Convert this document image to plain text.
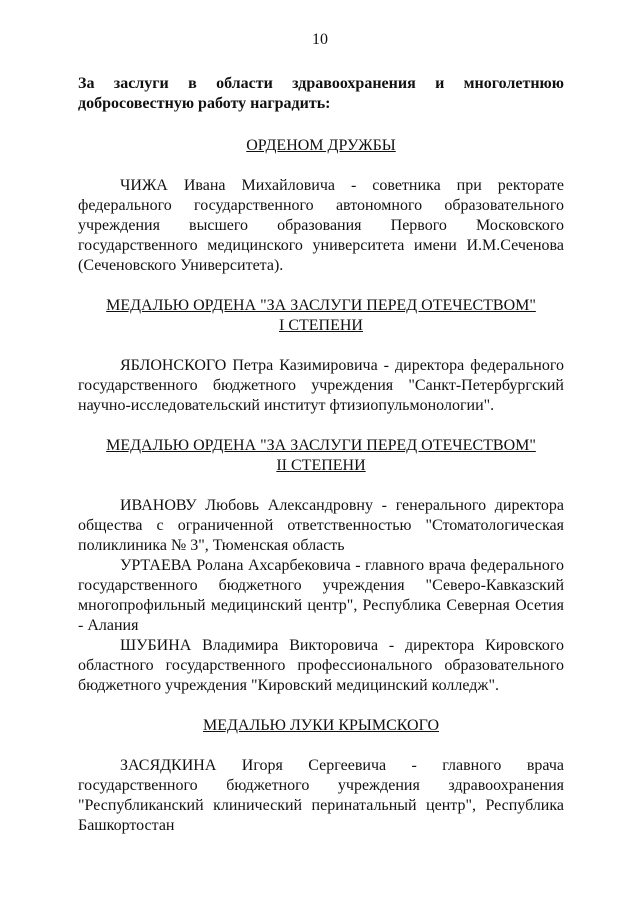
10

За заслуги в области здравоохранения и многолетнюю добросовестную работу наградить:

ОРДЕНОМ ДРУЖБЫ

ЧИЖА Ивана Михайловича - советника при ректорате федерального государственного автономного образовательного учреждения высшего образования Первого Московского государственного медицинского университета имени И.М.Сеченова (Сеченовского Университета).

МЕДАЛЬЮ ОРДЕНА "ЗА ЗАСЛУГИ ПЕРЕД ОТЕЧЕСТВОМ"
I СТЕПЕНИ

ЯБЛОНСКОГО Петра Казимировича - директора федерального государственного бюджетного учреждения "Санкт-Петербургский научно-исследовательский институт фтизиопульмонологии".

МЕДАЛЬЮ ОРДЕНА "ЗА ЗАСЛУГИ ПЕРЕД ОТЕЧЕСТВОМ"
II СТЕПЕНИ

ИВАНОВУ Любовь Александровну - генерального директора общества с ограниченной ответственностью "Стоматологическая поликлиника № 3", Тюменская область

УРТАЕВА Ролана Ахсарбековича - главного врача федерального государственного бюджетного учреждения "Северо-Кавказский многопрофильный медицинский центр", Республика Северная Осетия - Алания

ШУБИНА Владимира Викторовича - директора Кировского областного государственного профессионального образовательного бюджетного учреждения "Кировский медицинский колледж".

МЕДАЛЬЮ ЛУКИ КРЫМСКОГО

ЗАСЯДКИНА Игоря Сергеевича - главного врача государственного бюджетного учреждения здравоохранения "Республиканский клинический перинатальный центр", Республика Башкортостан
